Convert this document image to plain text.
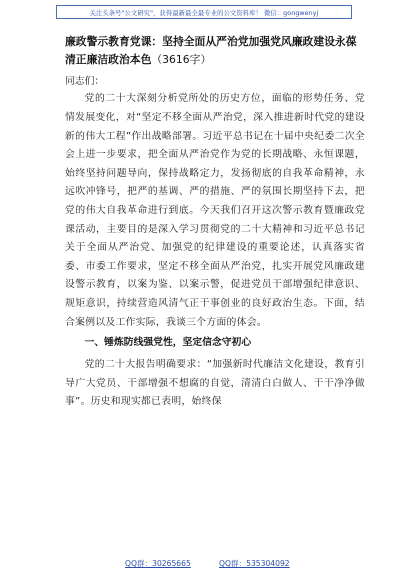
关注头条号"公文研究"，获得最新最全最专业的公文资料库！ 微信：gongwenyj
廉政警示教育党课：坚持全面从严治党加强党风廉政建设永葆清正廉洁政治本色（3616字）

同志们：

党的二十大深刻分析党所处的历史方位，面临的形势任务、党情发展变化，对“坚定不移全面从严治党，深入推进新时代党的建设新的伟大工程”作出战略部署。习近平总书记在十届中央纪委二次全会上进一步要求，把全面从严治党作为党的长期战略、永恒课题，始终坚持问题导向，保持战略定力，发扬彻底的自我革命精神，永远吹冲锋号，把严的基调、严的措施、严的氛围长期坚持下去，把党的伟大自我革命进行到底。今天我们召开这次警示教育暨廉政党课活动，主要目的是深入学习贯彻党的二十大精神和习近平总书记关于全面从严治党、加强党的纪律建设的重要论述，认真落实省委、市委工作要求，坚定不移全面从严治党，扎实开展党风廉政建设警示教育，以案为鉴、以案示警，促进党员干部增强纪律意识、规矩意识，持续营造风清气正干事创业的良好政治生态。下面，结合案例以及工作实际，我谈三个方面的体会。

一、锤炼防线强党性，坚定信念守初心

党的二十大报告明确要求：“加强新时代廉洁文化建设，教育引导广大党员、干部增强不想腐的自觉，清清白白做人、干干净净做事”。历史和现实都已表明，始终保

QQ群：30265665	QQ群：535304092
